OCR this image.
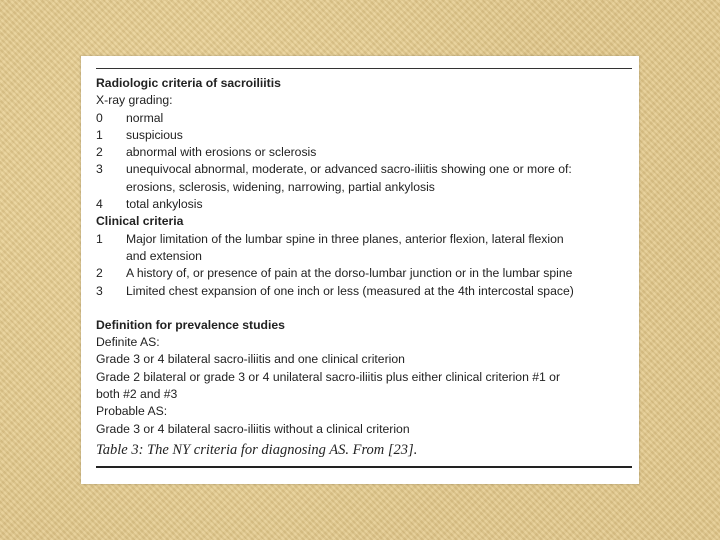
Radiologic criteria of sacroiliitis
X-ray grading:
0	normal
1	suspicious
2	abnormal with erosions or sclerosis
3	unequivocal abnormal, moderate, or advanced sacro-iliitis showing one or more of:
erosions, sclerosis, widening, narrowing, partial ankylosis
4	total ankylosis
Clinical criteria
1	Major limitation of the lumbar spine in three planes, anterior flexion, lateral flexion
and extension
2	A history of, or presence of pain at the dorso-lumbar junction or in the lumbar spine
3	Limited chest expansion of one inch or less (measured at the 4th intercostal space)
Definition for prevalence studies
Definite AS:
Grade 3 or 4 bilateral sacro-iliitis and one clinical criterion
Grade 2 bilateral or grade 3 or 4 unilateral sacro-iliitis plus either clinical criterion #1 or
both #2 and #3
Probable AS:
Grade 3 or 4 bilateral sacro-iliitis without a clinical criterion
Table 3: The NY criteria for diagnosing AS. From [23].
